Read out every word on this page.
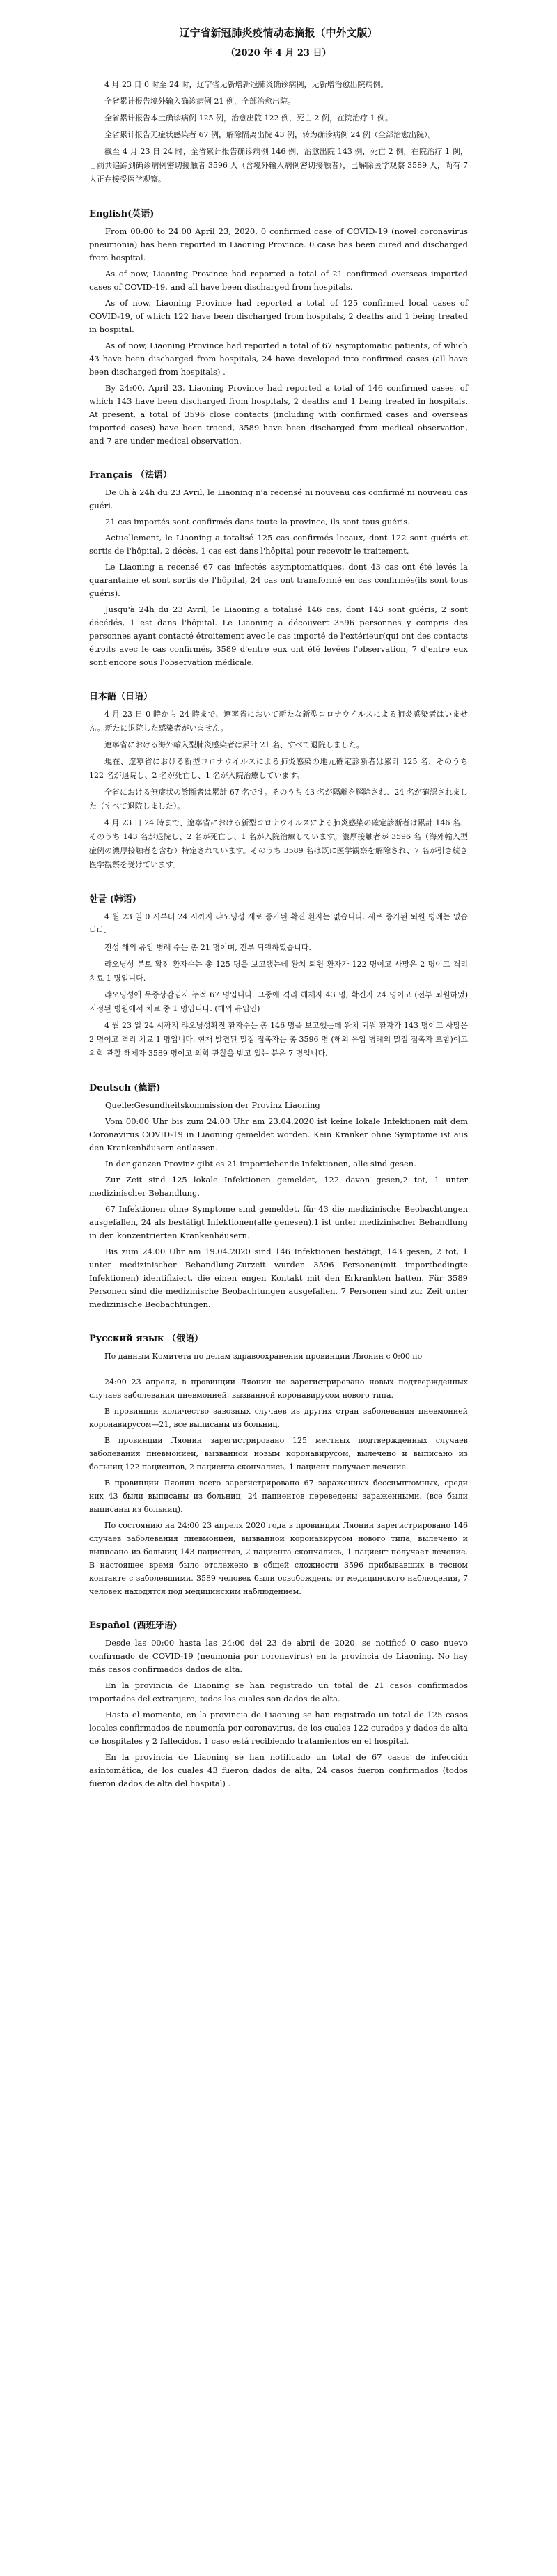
辽宁省新冠肺炎疫情动态摘报（中外文版）

（2020 年 4 月 23 日）

4 月 23 日 0 时至 24 时，辽宁省无新增新冠肺炎确诊病例，无新增治愈出院病例。

全省累计报告境外输入确诊病例 21 例，全部治愈出院。

全省累计报告本土确诊病例 125 例，治愈出院 122 例，死亡 2 例，在院治疗 1 例。

全省累计报告无症状感染者 67 例，解除隔离出院 43 例，转为确诊病例 24 例（全部治愈出院）。

截至 4 月 23 日 24 时，全省累计报告确诊病例 146 例，治愈出院 143 例，死亡 2 例，在院治疗 1 例，目前共追踪到确诊病例密切接触者 3596 人（含境外输入病例密切接触者），已解除医学观察 3589 人，尚有 7 人正在接受医学观察。

English(英语)

From 00:00 to 24:00 April 23, 2020, 0 confirmed case of COVID-19 (novel coronavirus pneumonia) has been reported in Liaoning Province. 0 case has been cured and discharged from hospital.

As of now, Liaoning Province had reported a total of 21 confirmed overseas imported cases of COVID-19, and all have been discharged from hospitals.

As of now, Liaoning Province had reported a total of 125 confirmed local cases of COVID-19, of which 122 have been discharged from hospitals, 2 deaths and 1 being treated in hospital.

As of now, Liaoning Province had reported a total of 67 asymptomatic patients, of which 43 have been discharged from hospitals, 24 have developed into confirmed cases (all have been discharged from hospitals) .

By 24:00, April 23, Liaoning Province had reported a total of 146 confirmed cases, of which 143 have been discharged from hospitals, 2 deaths and 1 being treated in hospitals. At present, a total of 3596 close contacts (including with confirmed cases and overseas imported cases) have been traced, 3589 have been discharged from medical observation, and 7 are under medical observation.

Français （法语）

De 0h à 24h du 23 Avril, le Liaoning n'a recensé ni nouveau cas confirmé ni nouveau cas guéri.

21 cas importés sont confirmés dans toute la province, ils sont tous guéris.

Actuellement, le Liaoning a totalisé 125 cas confirmés locaux, dont 122 sont guéris et sortis de l'hôpital, 2 décès, 1 cas est dans l'hôpital pour recevoir le traitement.

Le Liaoning a recensé 67 cas infectés asymptomatiques, dont 43 cas ont été levés la quarantaine et sont sortis de l'hôpital, 24 cas ont transformé en cas confirmés(ils sont tous guéris).

Jusqu'à 24h du 23 Avril, le Liaoning a totalisé 146 cas, dont 143 sont guéris, 2 sont décédés, 1 est dans l'hôpital. Le Liaoning a découvert 3596 personnes y compris des personnes ayant contacté étroitement avec le cas importé de l'extérieur(qui ont des contacts étroits avec le cas confirmés, 3589 d'entre eux ont été levées l'observation, 7 d'entre eux sont encore sous l'observation médicale.

日本語（日语）

4 月 23 日 0 時から 24 時まで、遼寧省において新たな新型コロナウイルスによる肺炎感染者はいません。新たに退院した感染者がいません。

遼寧省における海外輸入型肺炎感染者は累計 21 名、すべて退院しました。

現在、遼寧省における新型コロナウイルスによる肺炎感染の地元確定診断者は累計 125 名、そのうち 122 名が退院し、2 名が死亡し、1 名が入院治療しています。

全省における無症状の診断者は累計 67 名です。そのうち 43 名が隔離を解除され、24 名が確認されました（すべて退院しました）。

4 月 23 日 24 時まで、遼寧省における新型コロナウイルスによる肺炎感染の確定診断者は累計 146 名、そのうち 143 名が退院し、2 名が死亡し、1 名が入院治療しています。濃厚接触者が 3596 名（海外輸入型症例の濃厚接触者を含む）特定されています。そのうち 3589 名は既に医学観察を解除され、7 名が引き続き医学観察を受けています。

한글 (韩语)

4 월 23 일 0 시부터 24 시까지 랴오닝성 새로 증가된 확진 환자는 없습니다. 새로 증가된 퇴원 병례는 없습니다.

전성 해외 유입 병례 수는 총 21 명이며, 전부 퇴원하였습니다.

랴오닝성 본토 확진 환자수는 총 125 명을 보고했는데 완치 퇴원 환자가 122 명이고 사망은 2 명이고 격리 치료 1 명입니다.

랴오닝성에 무증상감염자 누적 67 명입니다. 그중에 격리 해제자 43 명, 확진자 24 명이고 (전부 퇴원하였) 지정된 병원에서 치료 중 1 명입니다. (해외 유입인)

4 월 23 일 24 시까지 랴오닝성확진 환자수는 총 146 명을 보고했는데 완치 퇴원 환자가 143 명이고 사망은 2 명이고 격리 치료 1 명입니다. 현재 발견된 밀접 접촉자는 총 3596 명 (해외 유입 병례의 밀접 접촉자 포함)이고 의학 관찰 해제자 3589 명이고 의학 관찰을 받고 있는 분은 7 명입니다.

Deutsch (德语)

Quelle:Gesundheitskommission der Provinz Liaoning

Vom 00:00 Uhr bis zum 24.00 Uhr am 23.04.2020 ist keine lokale Infektionen mit dem Coronavirus COVID-19 in Liaoning gemeldet worden. Kein Kranker ohne Symptome ist aus den Krankenhäusern entlassen.

In der ganzen Provinz gibt es 21 importiebende Infektionen, alle sind gesen.

Zur Zeit sind 125 lokale Infektionen gemeldet, 122 davon gesen,2 tot, 1 unter medizinischer Behandlung.

67 Infektionen ohne Symptome sind gemeldet, für 43 die medizinische Beobachtungen ausgefallen, 24 als bestätigt Infektionen(alle genesen).1 ist unter medizinischer Behandlung in den konzentrierten Krankenhäusern.

Bis zum 24.00 Uhr am 19.04.2020 sind 146 Infektionen bestätigt, 143 gesen, 2 tot, 1 unter medizinischer Behandlung.Zurzeit wurden 3596 Personen(mit importbedingte Infektionen) identifiziert, die einen engen Kontakt mit den Erkrankten hatten. Für 3589 Personen sind die medizinische Beobachtungen ausgefallen. 7 Personen sind zur Zeit unter medizinische Beobachtungen.

Русский язык （俄语）

По данным Комитета по делам здравоохранения провинции Ляонин с 0:00 по

24:00 23 апреля, в провинции Ляонин не зарегистрировано новых подтвержденных случаев заболевания пневмонией, вызванной коронавирусом нового типа.

В провинции количество завозных случаев из других стран заболевания пневмонией коронавирусом—21, все выписаны из больниц.

В провинции Ляонин зарегистрировано 125 местных подтвержденных случаев заболевания пневмонией, вызванной новым коронавирусом, вылечено и выписано из больниц 122 пациентов, 2 пациента скончались, 1 пациент получает лечение.

В провинции Ляонин всего зарегистрировано 67 зараженных бессимптомных, среди них 43 были выписаны из больниц, 24 пациентов переведены зараженными, (все были выписаны из больниц).

По состоянию на 24:00 23 апреля 2020 года в провинции Ляонин зарегистрировано 146 случаев заболевания пневмонией, вызванной коронавирусом нового типа, вылечено и выписано из больниц 143 пациентов, 2 пациента скончались, 1 пациент получает лечение. В настоящее время было отслежено в общей сложности 3596 прибывавших в тесном контакте с заболевшими. 3589 человек были освобождены от медицинского наблюдения, 7 человек находятся под медицинским наблюдением.

Español (西班牙语)

Desde las 00:00 hasta las 24:00 del 23 de abril de 2020, se notificó 0 caso nuevo confirmado de COVID-19 (neumonía por coronavirus) en la provincia de Liaoning. No hay más casos confirmados dados de alta.

En la provincia de Liaoning se han registrado un total de 21 casos confirmados importados del extranjero, todos los cuales son dados de alta.

Hasta el momento, en la provincia de Liaoning se han registrado un total de 125 casos locales confirmados de neumonía por coronavirus, de los cuales 122 curados y dados de alta de hospitales y 2 fallecidos. 1 caso está recibiendo tratamientos en el hospital.

En la provincia de Liaoning se han notificado un total de 67 casos de infección asintomática, de los cuales 43 fueron dados de alta, 24 casos fueron confirmados (todos fueron dados de alta del hospital) .
